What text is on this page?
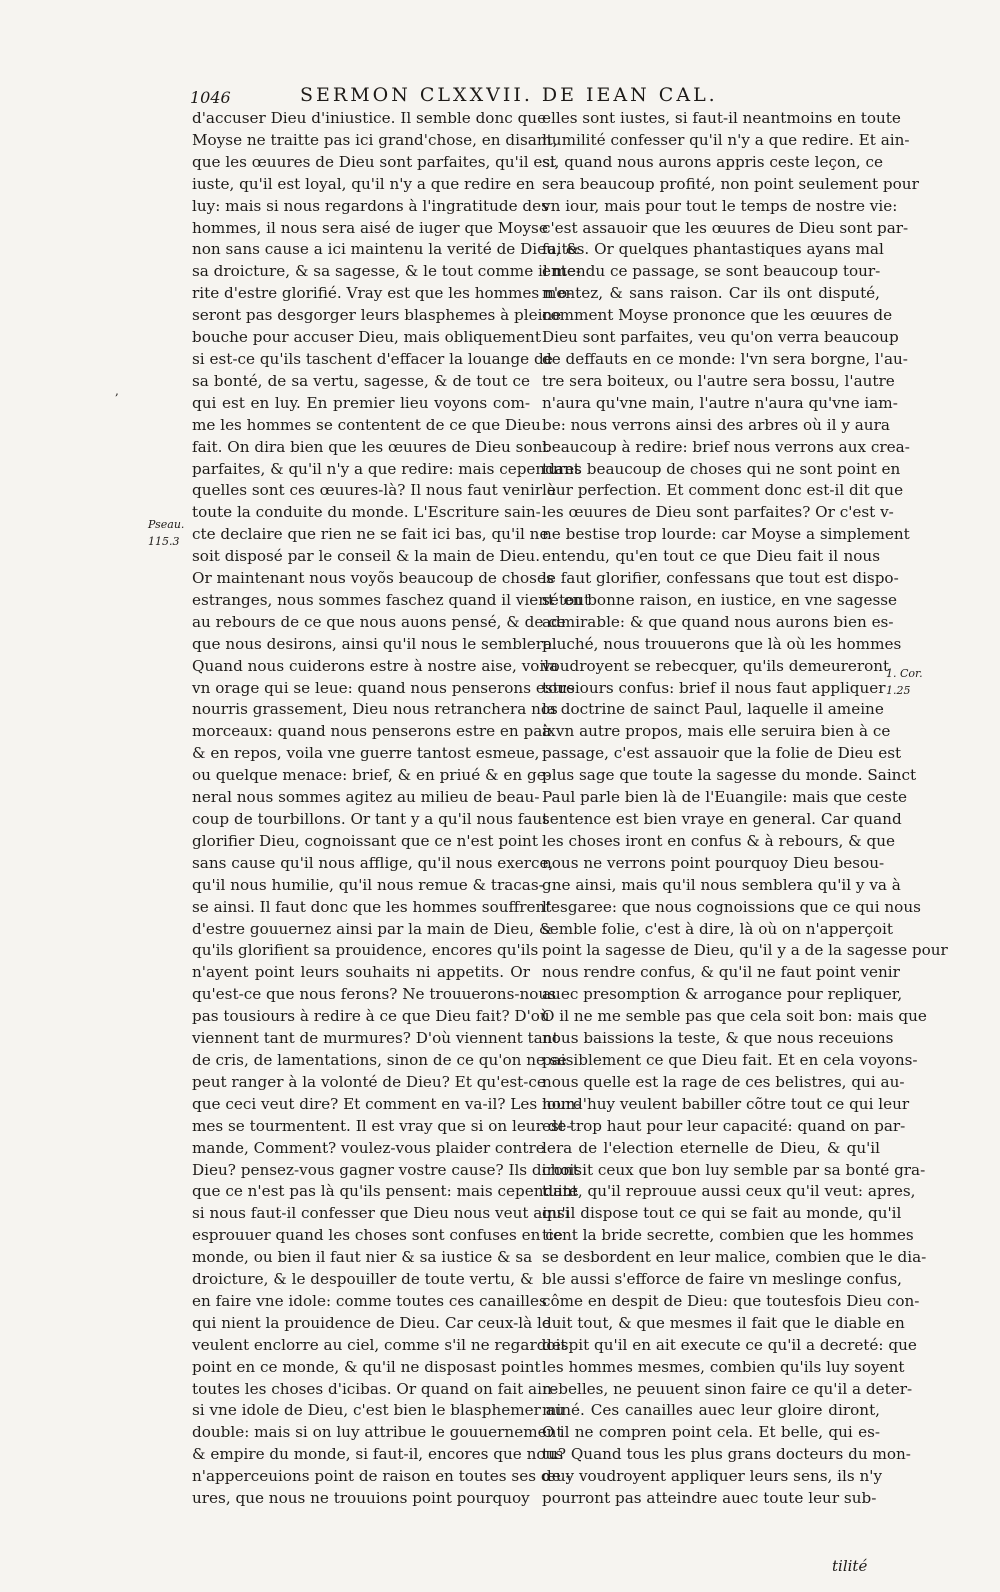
1046	SERMON CLXXVII. DE IEAN CAL.
d'accuser Dieu d'iniustice. Il semble donc que
Moyse ne traitte pas ici grand'chose, en disant,
que les œuures de Dieu sont parfaites, qu'il est
iuste, qu'il est loyal, qu'il n'y a que redire en
luy: mais si nous regardons à l'ingratitude des
hommes, il nous sera aisé de iuger que Moyse
non sans cause a ici maintenu la verité de Dieu, &
sa droicture, & sa sagesse, & le tout comme il me-
rite d'estre glorifié. Vray est que les hommes n'o-
seront pas desgorger leurs blasphemes à pleine
bouche pour accuser Dieu, mais obliquement
si est-ce qu'ils taschent d'effacer la louange de
sa bonté, de sa vertu, sagesse, & de tout ce
qui est en luy. En premier lieu voyons com-
me les hommes se contentent de ce que Dieu
fait. On dira bien que les œuures de Dieu sont
parfaites, & qu'il n'y a que redire: mais cependant
quelles sont ces œuures-là? Il nous faut venir à
toute la conduite du monde. L'Escriture sain-
cte declaire que rien ne se fait ici bas, qu'il ne
soit disposé par le conseil & la main de Dieu.
Or maintenant nous voyõs beaucoup de choses
estranges, nous sommes faschez quand il vient tout
au rebours de ce que nous auons pensé, & de ce
que nous desirons, ainsi qu'il nous le semblera.
Quand nous cuiderons estre à nostre aise, voila
vn orage qui se leue: quand nous penserons estre
nourris grassement, Dieu nous retranchera nos
morceaux: quand nous penserons estre en paix
& en repos, voila vne guerre tantost esmeue,
ou quelque menace: brief, & en priué & en ge-
neral nous sommes agitez au milieu de beau-
coup de tourbillons. Or tant y a qu'il nous faut
glorifier Dieu, cognoissant que ce n'est point
sans cause qu'il nous afflige, qu'il nous exerce,
qu'il nous humilie, qu'il nous remue & tracas-
se ainsi. Il faut donc que les hommes souffrent
d'estre gouuernez ainsi par la main de Dieu, &
qu'ils glorifient sa prouidence, encores qu'ils
n'ayent point leurs souhaits ni appetits. Or
qu'est-ce que nous ferons? Ne trouuerons-nous
pas tousiours à redire à ce que Dieu fait? D'où
viennent tant de murmures? D'où viennent tant
de cris, de lamentations, sinon de ce qu'on ne se
peut ranger à la volonté de Dieu? Et qu'est-ce
que ceci veut dire? Et comment en va-il? Les hom-
mes se tourmentent. Il est vray que si on leur de-
mande, Comment? voulez-vous plaider contre
Dieu? pensez-vous gagner vostre cause? Ils diront
que ce n'est pas là qu'ils pensent: mais cependant
si nous faut-il confesser que Dieu nous veut ainsi
esprouuer quand les choses sont confuses en ce
monde, ou bien il faut nier & sa iustice & sa
droicture, & le despouiller de toute vertu, &
en faire vne idole: comme toutes ces canailles
qui nient la prouidence de Dieu. Car ceux-là le
veulent enclorre au ciel, comme s'il ne regardoit
point en ce monde, & qu'il ne disposast point
toutes les choses d'icibas. Or quand on fait ain-
si vne idole de Dieu, c'est bien le blasphemer au
double: mais si on luy attribue le gouuernement
& empire du monde, si faut-il, encores que nous
n'apperceuions point de raison en toutes ses œu-
ures, que nous ne trouuions point pourquoy
elles sont iustes, si faut-il neantmoins en toute
humilité confesser qu'il n'y a que redire. Et ain-
si, quand nous aurons appris ceste leçon, ce
sera beaucoup profité, non point seulement pour
vn iour, mais pour tout le temps de nostre vie:
c'est assauoir que les œuures de Dieu sont par-
faites. Or quelques phantastiques ayans mal
entendu ce passage, se sont beaucoup tour-
mentez, & sans raison. Car ils ont disputé,
comment Moyse prononce que les œuures de
Dieu sont parfaites, veu qu'on verra beaucoup
de deffauts en ce monde: l'vn sera borgne, l'au-
tre sera boiteux, ou l'autre sera bossu, l'autre
n'aura qu'vne main, l'autre n'aura qu'vne iam-
be: nous verrons ainsi des arbres où il y aura
beaucoup à redire: brief nous verrons aux crea-
tures beaucoup de choses qui ne sont point en
leur perfection. Et comment donc est-il dit que
les œuures de Dieu sont parfaites? Or c'est v-
ne bestise trop lourde: car Moyse a simplement
entendu, qu'en tout ce que Dieu fait il nous
le faut glorifier, confessans que tout est dispo-
sé en bonne raison, en iustice, en vne sagesse
admirable: & que quand nous aurons bien es-
pluché, nous trouuerons que là où les hommes
voudroyent se rebecquer, qu'ils demeureront
tousiours confus: brief il nous faut appliquer
la doctrine de sainct Paul, laquelle il ameine
à vn autre propos, mais elle seruira bien à ce
passage, c'est assauoir que la folie de Dieu est
plus sage que toute la sagesse du monde. Sainct
Paul parle bien là de l'Euangile: mais que ceste
sentence est bien vraye en general. Car quand
les choses iront en confus & à rebours, & que
nous ne verrons point pourquoy Dieu besou-
gne ainsi, mais qu'il nous semblera qu'il y va à
l'esgaree: que nous cognoissions que ce qui nous
semble folie, c'est à dire, là où on n'apperçoit
point la sagesse de Dieu, qu'il y a de la sagesse pour
nous rendre confus, & qu'il ne faut point venir
auec presomption & arrogance pour repliquer,
O il ne me semble pas que cela soit bon: mais que
nous baissions la teste, & que nous receuions
paisiblement ce que Dieu fait. Et en cela voyons-
nous quelle est la rage de ces belistres, qui au-
iourd'huy veulent babiller cõtre tout ce qui leur
est trop haut pour leur capacité: quand on par-
lera de l'election eternelle de Dieu, & qu'il
choisit ceux que bon luy semble par sa bonté gra-
tuite, qu'il reprouue aussi ceux qu'il veut: apres,
qu'il dispose tout ce qui se fait au monde, qu'il
tient la bride secrette, combien que les hommes
se desbordent en leur malice, combien que le dia-
ble aussi s'efforce de faire vn meslinge confus,
côme en despit de Dieu: que toutesfois Dieu con-
duit tout, & que mesmes il fait que le diable en
despit qu'il en ait execute ce qu'il a decreté: que
les hommes mesmes, combien qu'ils luy soyent
rebelles, ne peuuent sinon faire ce qu'il a deter-
miné. Ces canailles auec leur gloire diront,
O il ne compren point cela. Et belle, qui es-
tu? Quand tous les plus grans docteurs du mon-
de y voudroyent appliquer leurs sens, ils n'y
pourront pas atteindre auec toute leur sub-
,
Pseau.
115.3
1. Cor.
1.25
tilité
